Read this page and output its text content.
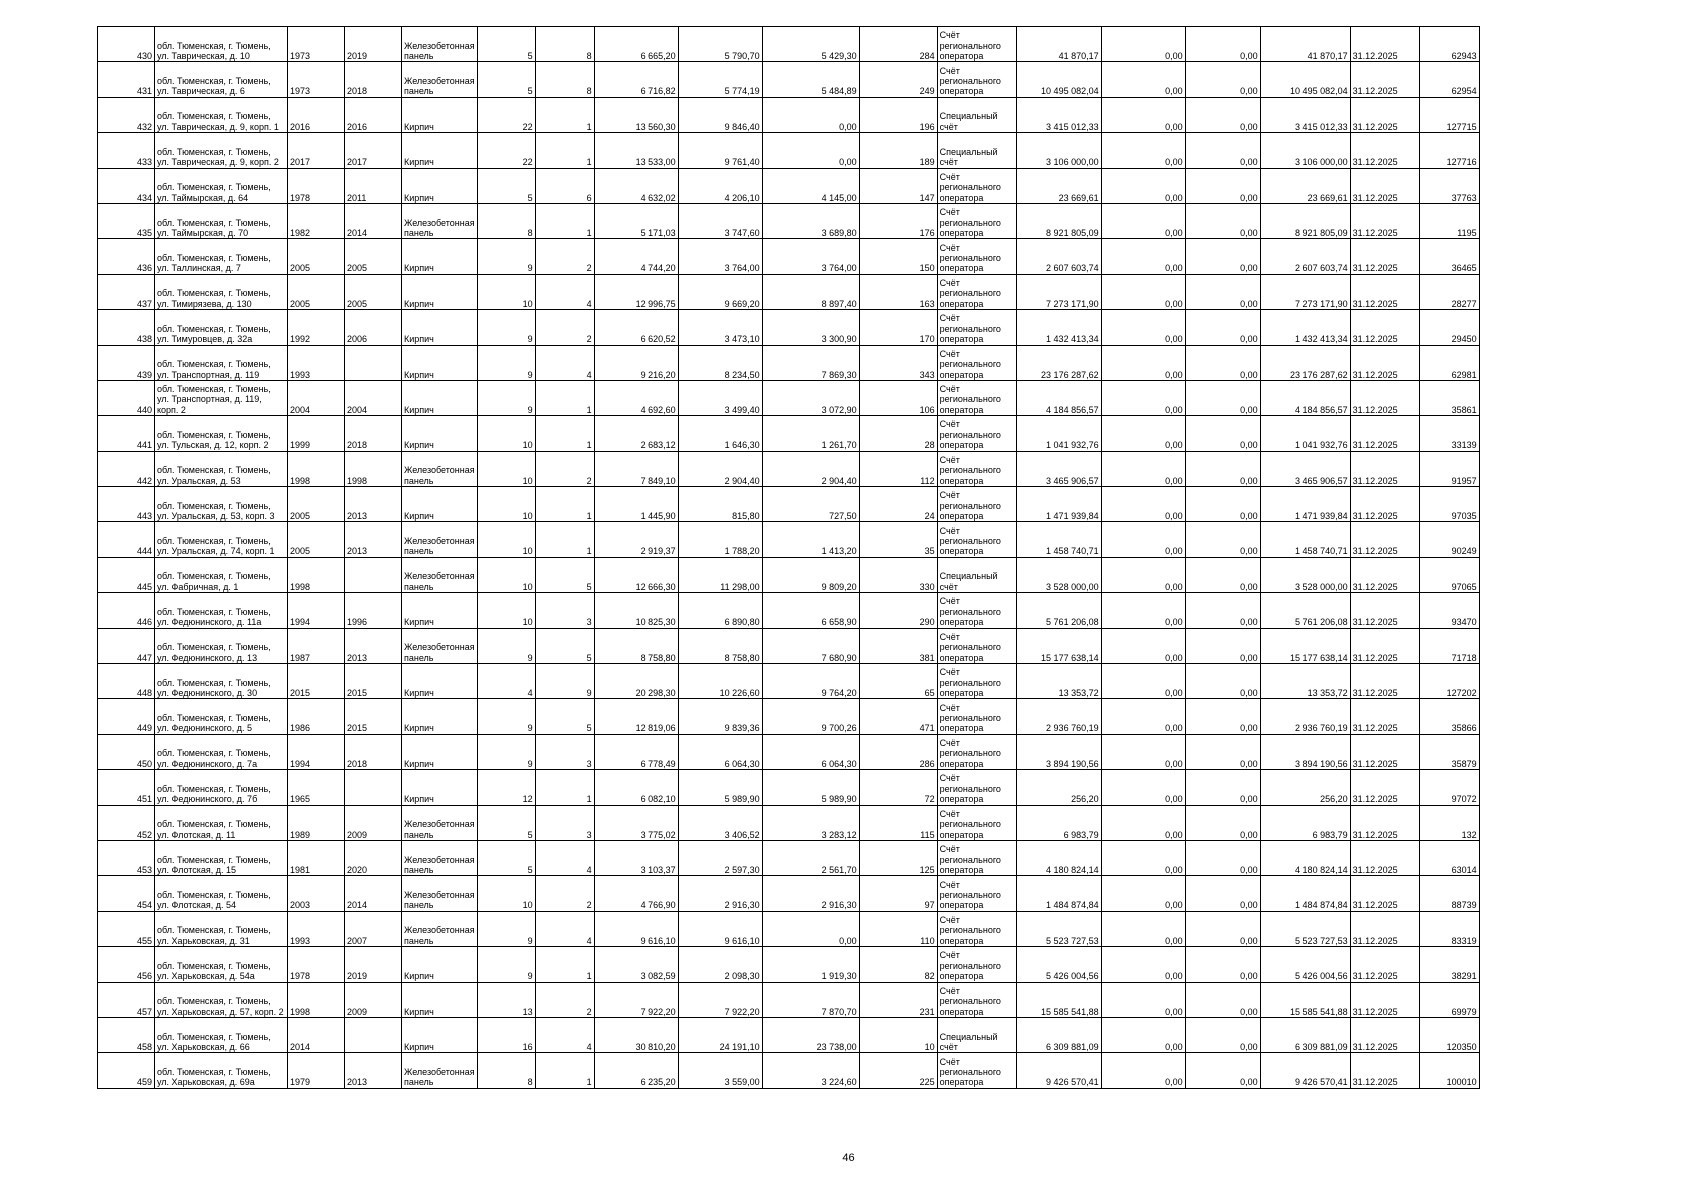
430	обл. Тюменская, г. Тюмень, ул. Таврическая, д. 10	1973	2019	Железобетонная панель	5	8	6 665,20	5 790,70	5 429,30	284	Счёт регионального оператора	41 870,17	0,00	0,00	41 870,17	31.12.2025	62943
431	обл. Тюменская, г. Тюмень, ул. Таврическая, д. 6	1973	2018	Железобетонная панель	5	8	6 716,82	5 774,19	5 484,89	249	Счёт регионального оператора	10 495 082,04	0,00	0,00	10 495 082,04	31.12.2025	62954
432	обл. Тюменская, г. Тюмень, ул. Таврическая, д. 9, корп. 1	2016	2016	Кирпич	22	1	13 560,30	9 846,40	0,00	196	Специальный счёт	3 415 012,33	0,00	0,00	3 415 012,33	31.12.2025	127715
433	обл. Тюменская, г. Тюмень, ул. Таврическая, д. 9, корп. 2	2017	2017	Кирпич	22	1	13 533,00	9 761,40	0,00	189	Специальный счёт	3 106 000,00	0,00	0,00	3 106 000,00	31.12.2025	127716
434	обл. Тюменская, г. Тюмень, ул. Таймырская, д. 64	1978	2011	Кирпич	5	6	4 632,02	4 206,10	4 145,00	147	Счёт регионального оператора	23 669,61	0,00	0,00	23 669,61	31.12.2025	37763
435	обл. Тюменская, г. Тюмень, ул. Таймырская, д. 70	1982	2014	Железобетонная панель	8	1	5 171,03	3 747,60	3 689,80	176	Счёт регионального оператора	8 921 805,09	0,00	0,00	8 921 805,09	31.12.2025	1195
436	обл. Тюменская, г. Тюмень, ул. Таллинская, д. 7	2005	2005	Кирпич	9	2	4 744,20	3 764,00	3 764,00	150	Счёт регионального оператора	2 607 603,74	0,00	0,00	2 607 603,74	31.12.2025	36465
437	обл. Тюменская, г. Тюмень, ул. Тимирязева, д. 130	2005	2005	Кирпич	10	4	12 996,75	9 669,20	8 897,40	163	Счёт регионального оператора	7 273 171,90	0,00	0,00	7 273 171,90	31.12.2025	28277
438	обл. Тюменская, г. Тюмень, ул. Тимуровцев, д. 32а	1992	2006	Кирпич	9	2	6 620,52	3 473,10	3 300,90	170	Счёт регионального оператора	1 432 413,34	0,00	0,00	1 432 413,34	31.12.2025	29450
439	обл. Тюменская, г. Тюмень, ул. Транспортная, д. 119	1993		Кирпич	9	4	9 216,20	8 234,50	7 869,30	343	Счёт регионального оператора	23 176 287,62	0,00	0,00	23 176 287,62	31.12.2025	62981
440	обл. Тюменская, г. Тюмень, ул. Транспортная, д. 119, корп. 2	2004	2004	Кирпич	9	1	4 692,60	3 499,40	3 072,90	106	Счёт регионального оператора	4 184 856,57	0,00	0,00	4 184 856,57	31.12.2025	35861
441	обл. Тюменская, г. Тюмень, ул. Тульская, д. 12, корп. 2	1999	2018	Кирпич	10	1	2 683,12	1 646,30	1 261,70	28	Счёт регионального оператора	1 041 932,76	0,00	0,00	1 041 932,76	31.12.2025	33139
442	обл. Тюменская, г. Тюмень, ул. Уральская, д. 53	1998	1998	Железобетонная панель	10	2	7 849,10	2 904,40	2 904,40	112	Счёт регионального оператора	3 465 906,57	0,00	0,00	3 465 906,57	31.12.2025	91957
443	обл. Тюменская, г. Тюмень, ул. Уральская, д. 53, корп. 3	2005	2013	Кирпич	10	1	1 445,90	815,80	727,50	24	Счёт регионального оператора	1 471 939,84	0,00	0,00	1 471 939,84	31.12.2025	97035
444	обл. Тюменская, г. Тюмень, ул. Уральская, д. 74, корп. 1	2005	2013	Железобетонная панель	10	1	2 919,37	1 788,20	1 413,20	35	Счёт регионального оператора	1 458 740,71	0,00	0,00	1 458 740,71	31.12.2025	90249
445	обл. Тюменская, г. Тюмень, ул. Фабричная, д. 1	1998		Железобетонная панель	10	5	12 666,30	11 298,00	9 809,20	330	Специальный счёт	3 528 000,00	0,00	0,00	3 528 000,00	31.12.2025	97065
446	обл. Тюменская, г. Тюмень, ул. Федюнинского, д. 11а	1994	1996	Кирпич	10	3	10 825,30	6 890,80	6 658,90	290	Счёт регионального оператора	5 761 206,08	0,00	0,00	5 761 206,08	31.12.2025	93470
447	обл. Тюменская, г. Тюмень, ул. Федюнинского, д. 13	1987	2013	Железобетонная панель	9	5	8 758,80	8 758,80	7 680,90	381	Счёт регионального оператора	15 177 638,14	0,00	0,00	15 177 638,14	31.12.2025	71718
448	обл. Тюменская, г. Тюмень, ул. Федюнинского, д. 30	2015	2015	Кирпич	4	9	20 298,30	10 226,60	9 764,20	65	Счёт регионального оператора	13 353,72	0,00	0,00	13 353,72	31.12.2025	127202
449	обл. Тюменская, г. Тюмень, ул. Федюнинского, д. 5	1986	2015	Кирпич	9	5	12 819,06	9 839,36	9 700,26	471	Счёт регионального оператора	2 936 760,19	0,00	0,00	2 936 760,19	31.12.2025	35866
450	обл. Тюменская, г. Тюмень, ул. Федюнинского, д. 7а	1994	2018	Кирпич	9	3	6 778,49	6 064,30	6 064,30	286	Счёт регионального оператора	3 894 190,56	0,00	0,00	3 894 190,56	31.12.2025	35879
451	обл. Тюменская, г. Тюмень, ул. Федюнинского, д. 7б	1965		Кирпич	12	1	6 082,10	5 989,90	5 989,90	72	Счёт регионального оператора	256,20	0,00	0,00	256,20	31.12.2025	97072
452	обл. Тюменская, г. Тюмень, ул. Флотская, д. 11	1989	2009	Железобетонная панель	5	3	3 775,02	3 406,52	3 283,12	115	Счёт регионального оператора	6 983,79	0,00	0,00	6 983,79	31.12.2025	132
453	обл. Тюменская, г. Тюмень, ул. Флотская, д. 15	1981	2020	Железобетонная панель	5	4	3 103,37	2 597,30	2 561,70	125	Счёт регионального оператора	4 180 824,14	0,00	0,00	4 180 824,14	31.12.2025	63014
454	обл. Тюменская, г. Тюмень, ул. Флотская, д. 54	2003	2014	Железобетонная панель	10	2	4 766,90	2 916,30	2 916,30	97	Счёт регионального оператора	1 484 874,84	0,00	0,00	1 484 874,84	31.12.2025	88739
455	обл. Тюменская, г. Тюмень, ул. Харьковская, д. 31	1993	2007	Железобетонная панель	9	4	9 616,10	9 616,10	0,00	110	Счёт регионального оператора	5 523 727,53	0,00	0,00	5 523 727,53	31.12.2025	83319
456	обл. Тюменская, г. Тюмень, ул. Харьковская, д. 54а	1978	2019	Кирпич	9	1	3 082,59	2 098,30	1 919,30	82	Счёт регионального оператора	5 426 004,56	0,00	0,00	5 426 004,56	31.12.2025	38291
457	обл. Тюменская, г. Тюмень, ул. Харьковская, д. 57, корп. 2	1998	2009	Кирпич	13	2	7 922,20	7 922,20	7 870,70	231	Счёт регионального оператора	15 585 541,88	0,00	0,00	15 585 541,88	31.12.2025	69979
458	обл. Тюменская, г. Тюмень, ул. Харьковская, д. 66	2014		Кирпич	16	4	30 810,20	24 191,10	23 738,00	10	Специальный счёт	6 309 881,09	0,00	0,00	6 309 881,09	31.12.2025	120350
459	обл. Тюменская, г. Тюмень, ул. Харьковская, д. 69а	1979	2013	Железобетонная панель	8	1	6 235,20	3 559,00	3 224,60	225	Счёт регионального оператора	9 426 570,41	0,00	0,00	9 426 570,41	31.12.2025	100010
46
